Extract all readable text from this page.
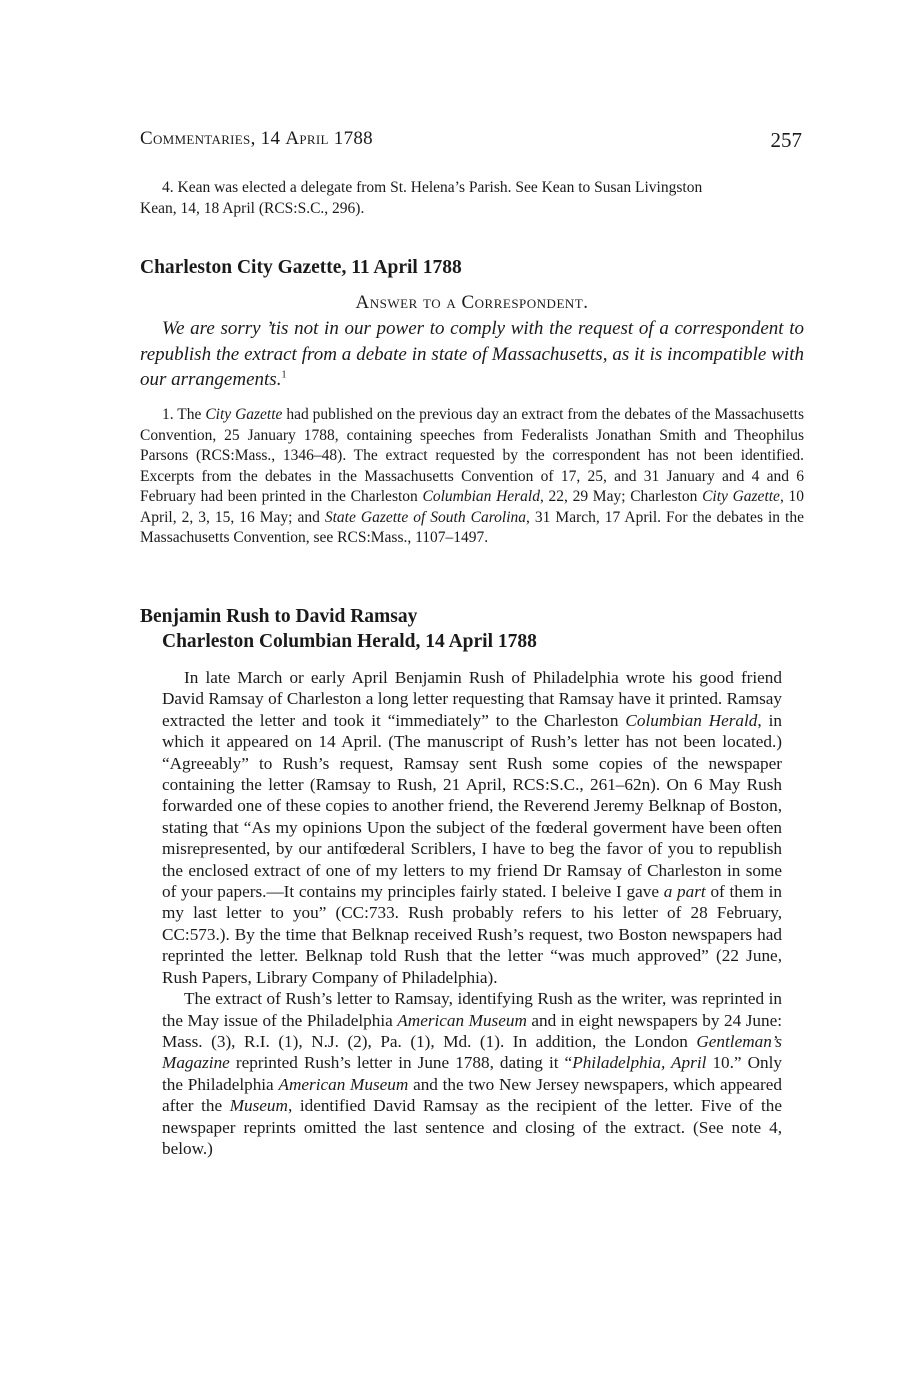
Commentaries, 14 April 1788	257
4. Kean was elected a delegate from St. Helena’s Parish. See Kean to Susan Livingston
Kean, 14, 18 April (RCS:S.C., 296).
Charleston City Gazette, 11 April 1788
Answer to a Correspondent.

We are sorry ’tis not in our power to comply with the request of a correspondent to republish the extract from a debate in state of Massachusetts, as it is incompatible with our arrangements.$^1$

1. The City Gazette had published on the previous day an extract from the debates of the Massachusetts Convention, 25 January 1788, containing speeches from Federalists Jonathan Smith and Theophilus Parsons (RCS:Mass., 1346–48). The extract requested by the correspondent has not been identified. Excerpts from the debates in the Massachusetts Convention of 17, 25, and 31 January and 4 and 6 February had been printed in the Charleston Columbian Herald, 22, 29 May; Charleston City Gazette, 10 April, 2, 3, 15, 16 May; and State Gazette of South Carolina, 31 March, 17 April. For the debates in the Massachusetts Convention, see RCS:Mass., 1107–1497.

Benjamin Rush to David Ramsay
Charleston Columbian Herald, 14 April 1788

In late March or early April Benjamin Rush of Philadelphia wrote his good friend David Ramsay of Charleston a long letter requesting that Ramsay have it printed. Ramsay extracted the letter and took it “immediately” to the Charleston Columbian Herald, in which it appeared on 14 April. (The manuscript of Rush’s letter has not been located.) “Agreeably” to Rush’s request, Ramsay sent Rush some copies of the newspaper containing the letter (Ramsay to Rush, 21 April, RCS:S.C., 261–62n). On 6 May Rush forwarded one of these copies to another friend, the Reverend Jeremy Belknap of Boston, stating that “As my opinions Upon the subject of the fœderal goverment have been often misrepresented, by our antifœderal Scriblers, I have to beg the favor of you to republish the enclosed extract of one of my letters to my friend Dr Ramsay of Charleston in some of your papers.—It contains my principles fairly stated. I beleive I gave a part of them in my last letter to you” (CC:733. Rush probably refers to his letter of 28 February, CC:573.). By the time that Belknap received Rush’s request, two Boston newspapers had reprinted the letter. Belknap told Rush that the letter “was much approved” (22 June, Rush Papers, Library Company of Philadelphia).

The extract of Rush’s letter to Ramsay, identifying Rush as the writer, was reprinted in the May issue of the Philadelphia American Museum and in eight newspapers by 24 June: Mass. (3), R.I. (1), N.J. (2), Pa. (1), Md. (1). In addition, the London Gentleman’s Magazine reprinted Rush’s letter in June 1788, dating it “Philadelphia, April 10.” Only the Philadelphia American Museum and the two New Jersey newspapers, which appeared after the Museum, identified David Ramsay as the recipient of the letter. Five of the newspaper reprints omitted the last sentence and closing of the extract. (See note 4, below.)
